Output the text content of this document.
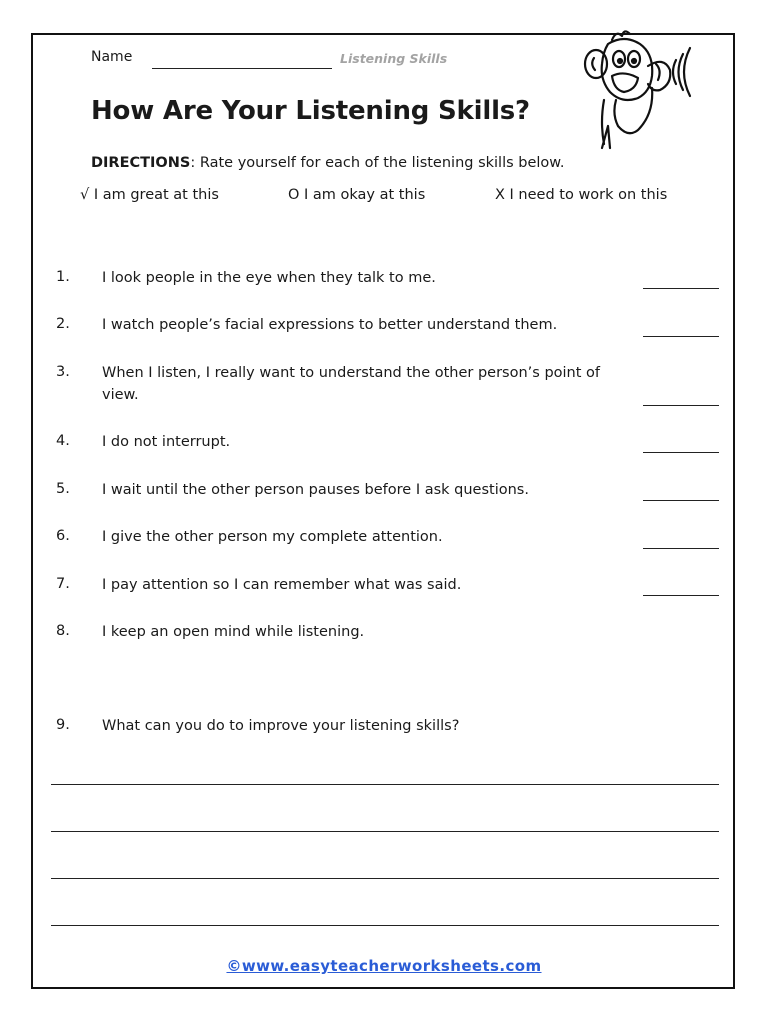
Name	Listening Skills
How Are Your Listening Skills?
DIRECTIONS: Rate yourself for each of the listening skills below.
√ I am great at this	O I am okay at this	X I need to work on this
1. I look people in the eye when they talk to me.
2. I watch people’s facial expressions to better understand them.
3. When I listen, I really want to understand the other person’s point of view.
4. I do not interrupt.
5. I wait until the other person pauses before I ask questions.
6. I give the other person my complete attention.
7. I pay attention so I can remember what was said.
8. I keep an open mind while listening.
9. What can you do to improve your listening skills?
©www.easyteacherworksheets.com
